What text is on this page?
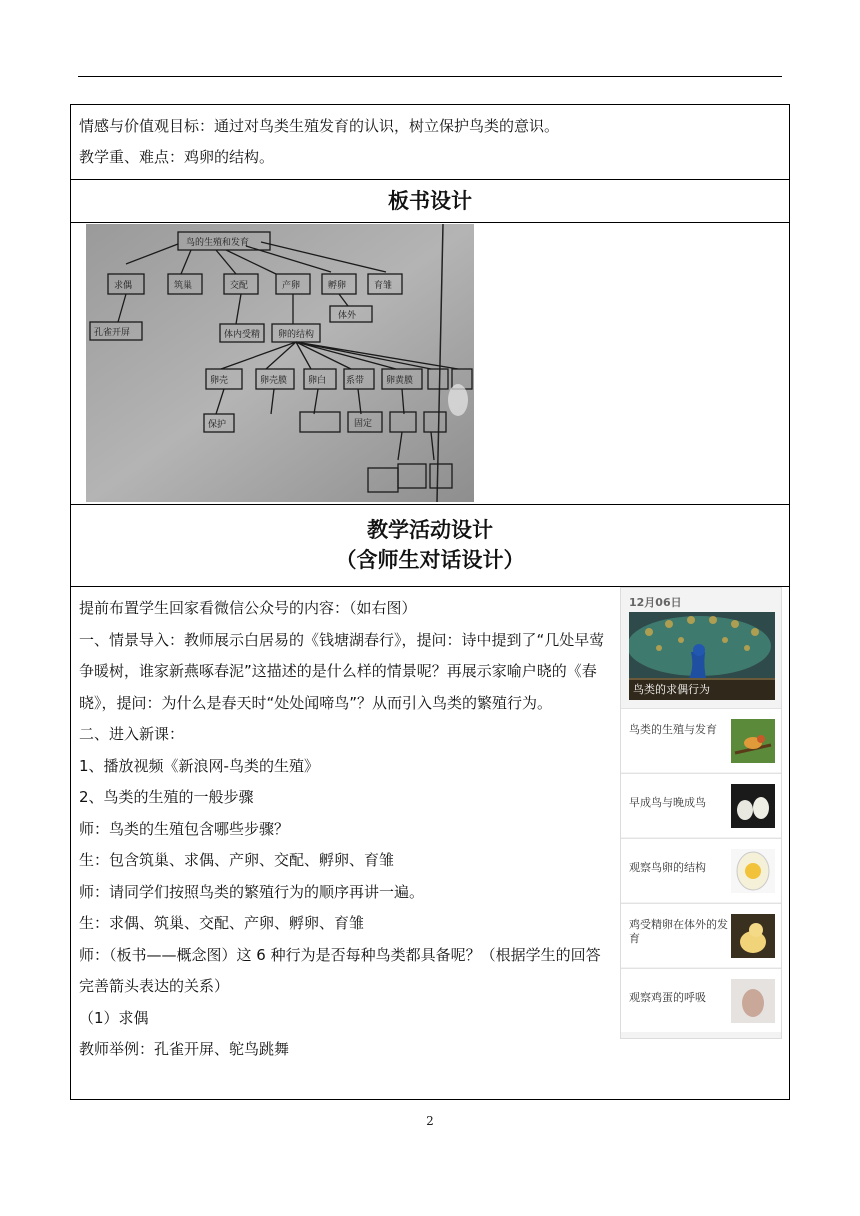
情感与价值观目标：通过对鸟类生殖发育的认识，树立保护鸟类的意识。
教学重、难点：鸡卵的结构。

板书设计

鸟的生殖和发育
求偶	筑巢	交配	产卵	孵卵	育雏
体外
孔雀开屏	体内受精 卵的结构
卵壳	卵壳膜 卵白 系带 卵黄膜
保护	固定

教学活动设计
（含师生对话设计）

提前布置学生回家看微信公众号的内容：（如右图）

一、情景导入：教师展示白居易的《钱塘湖春行》，提问：诗中提到了“几处早莺争暖树，谁家新燕啄春泥”这描述的是什么样的情景呢？再展示家喻户晓的《春晓》，提问：为什么是春天时“处处闻啼鸟”？从而引入鸟类的繁殖行为。

二、进入新课：

1、播放视频《新浪网-鸟类的生殖》

2、鸟类的生殖的一般步骤

师：鸟类的生殖包含哪些步骤？

生：包含筑巢、求偶、产卵、交配、孵卵、育雏

师：请同学们按照鸟类的繁殖行为的顺序再讲一遍。

生：求偶、筑巢、交配、产卵、孵卵、育雏

师：（板书——概念图）这 6 种行为是否每种鸟类都具备呢？（根据学生的回答完善箭头表达的关系）

（1）求偶

教师举例：孔雀开屏、鸵鸟跳舞

12月06日
鸟类的求偶行为
鸟类的生殖与发育
早成鸟与晚成鸟
观察鸟卵的结构
鸡受精卵在体外的发育
观察鸡蛋的呼吸
2
